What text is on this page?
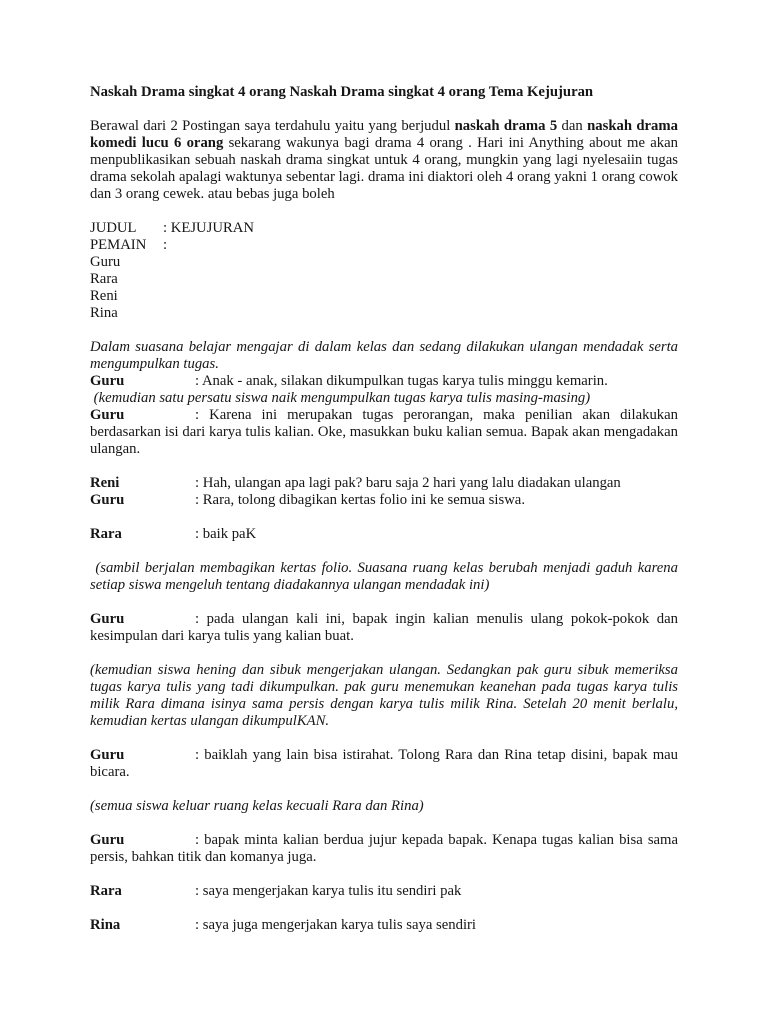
Naskah Drama singkat 4 orang Naskah Drama singkat 4 orang Tema Kejujuran

Berawal dari 2 Postingan saya terdahulu yaitu yang berjudul naskah drama 5 dan naskah drama komedi lucu 6 orang sekarang wakunya bagi drama 4 orang . Hari ini Anything about me akan menpublikasikan sebuah naskah drama singkat untuk 4 orang, mungkin yang lagi nyelesaiin tugas drama sekolah apalagi waktunya sebentar lagi. drama ini diaktori oleh 4 orang yakni 1 orang cowok dan 3 orang cewek. atau bebas juga boleh

JUDUL : KEJUJURAN

PEMAIN :

Guru

Rara

Reni

Rina

Dalam suasana belajar mengajar di dalam kelas dan sedang dilakukan ulangan mendadak serta mengumpulkan tugas.

Guru	: Anak - anak, silakan dikumpulkan tugas karya tulis minggu kemarin.

(kemudian satu persatu siswa naik mengumpulkan tugas karya tulis masing-masing)

Guru	: Karena ini merupakan tugas perorangan, maka penilian akan dilakukan berdasarkan isi dari karya tulis kalian. Oke, masukkan buku kalian semua. Bapak akan mengadakan ulangan.

Reni	: Hah, ulangan apa lagi pak? baru saja 2 hari yang lalu diadakan ulangan

Guru	: Rara, tolong dibagikan kertas folio ini ke semua siswa.

Rara	: baik paK

(sambil berjalan membagikan kertas folio. Suasana ruang kelas berubah menjadi gaduh karena setiap siswa mengeluh tentang diadakannya ulangan mendadak ini)

Guru	: pada ulangan kali ini, bapak ingin kalian menulis ulang pokok-pokok dan kesimpulan dari karya tulis yang kalian buat.

(kemudian siswa hening dan sibuk mengerjakan ulangan. Sedangkan pak guru sibuk memeriksa tugas karya tulis yang tadi dikumpulkan. pak guru menemukan keanehan pada tugas karya tulis milik Rara dimana isinya sama persis dengan karya tulis milik Rina. Setelah 20 menit berlalu, kemudian kertas ulangan dikumpulKAN.

Guru	: baiklah yang lain bisa istirahat. Tolong Rara dan Rina tetap disini, bapak mau bicara.

(semua siswa keluar ruang kelas kecuali Rara dan Rina)

Guru	: bapak minta kalian berdua jujur kepada bapak. Kenapa tugas kalian bisa sama persis, bahkan titik dan komanya juga.

Rara	: saya mengerjakan karya tulis itu sendiri pak

Rina	: saya juga mengerjakan karya tulis saya sendiri
